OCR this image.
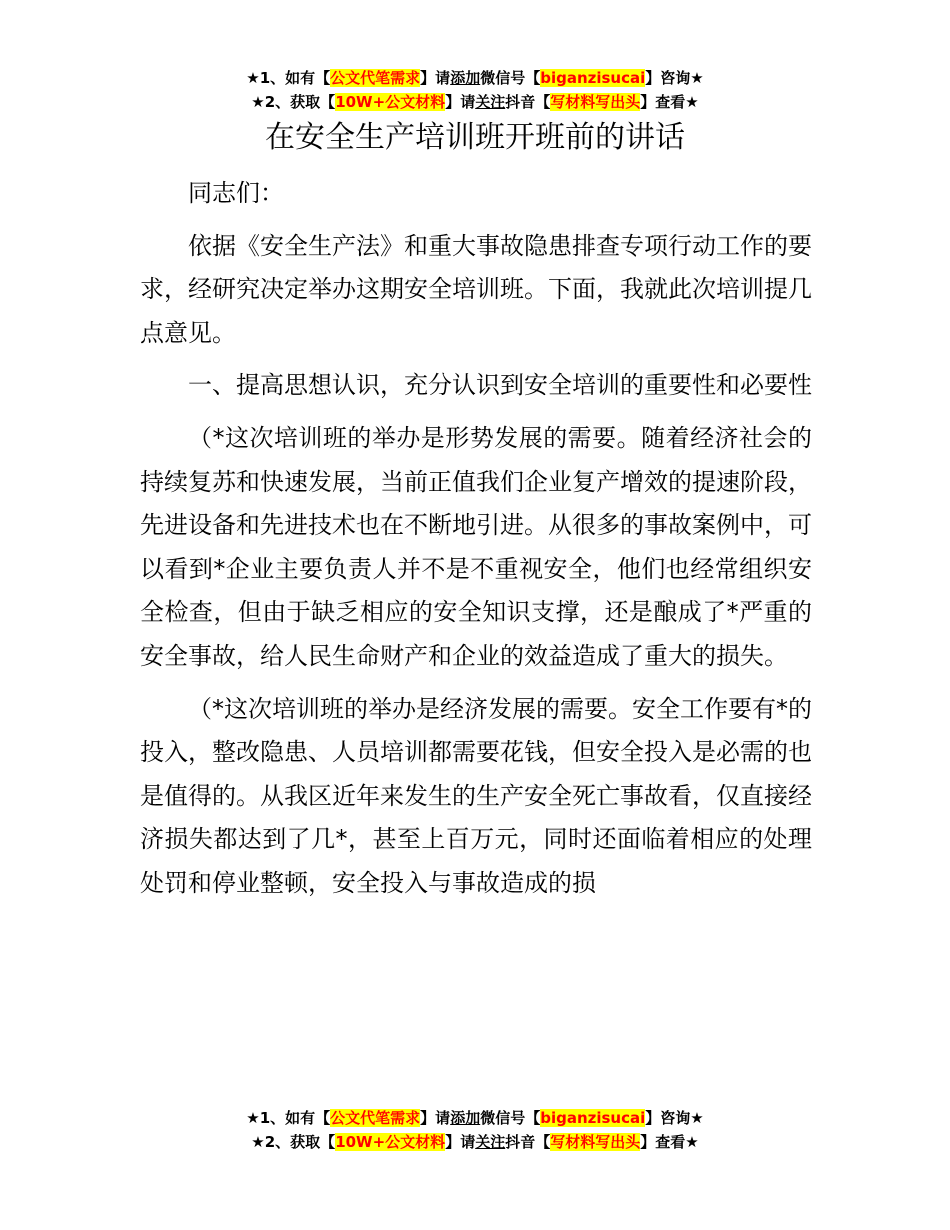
★1、如有【公文代笔需求】请添加微信号【biganzisucai】咨询★
★2、获取【10W+公文材料】请关注抖音【写材料写出头】查看★
在安全生产培训班开班前的讲话

同志们：

依据《安全生产法》和重大事故隐患排查专项行动工作的要求，经研究决定举办这期安全培训班。下面，我就此次培训提几点意见。

一、提高思想认识，充分认识到安全培训的重要性和必要性

（*这次培训班的举办是形势发展的需要。随着经济社会的持续复苏和快速发展，当前正值我们企业复产增效的提速阶段，先进设备和先进技术也在不断地引进。从很多的事故案例中，可以看到*企业主要负责人并不是不重视安全，他们也经常组织安全检查，但由于缺乏相应的安全知识支撑，还是酿成了*严重的安全事故，给人民生命财产和企业的效益造成了重大的损失。

（*这次培训班的举办是经济发展的需要。安全工作要有*的投入，整改隐患、人员培训都需要花钱，但安全投入是必需的也是值得的。从我区近年来发生的生产安全死亡事故看，仅直接经济损失都达到了几*，甚至上百万元，同时还面临着相应的处理处罚和停业整顿，安全投入与事故造成的损

★1、如有【公文代笔需求】请添加微信号【biganzisucai】咨询★
★2、获取【10W+公文材料】请关注抖音【写材料写出头】查看★
